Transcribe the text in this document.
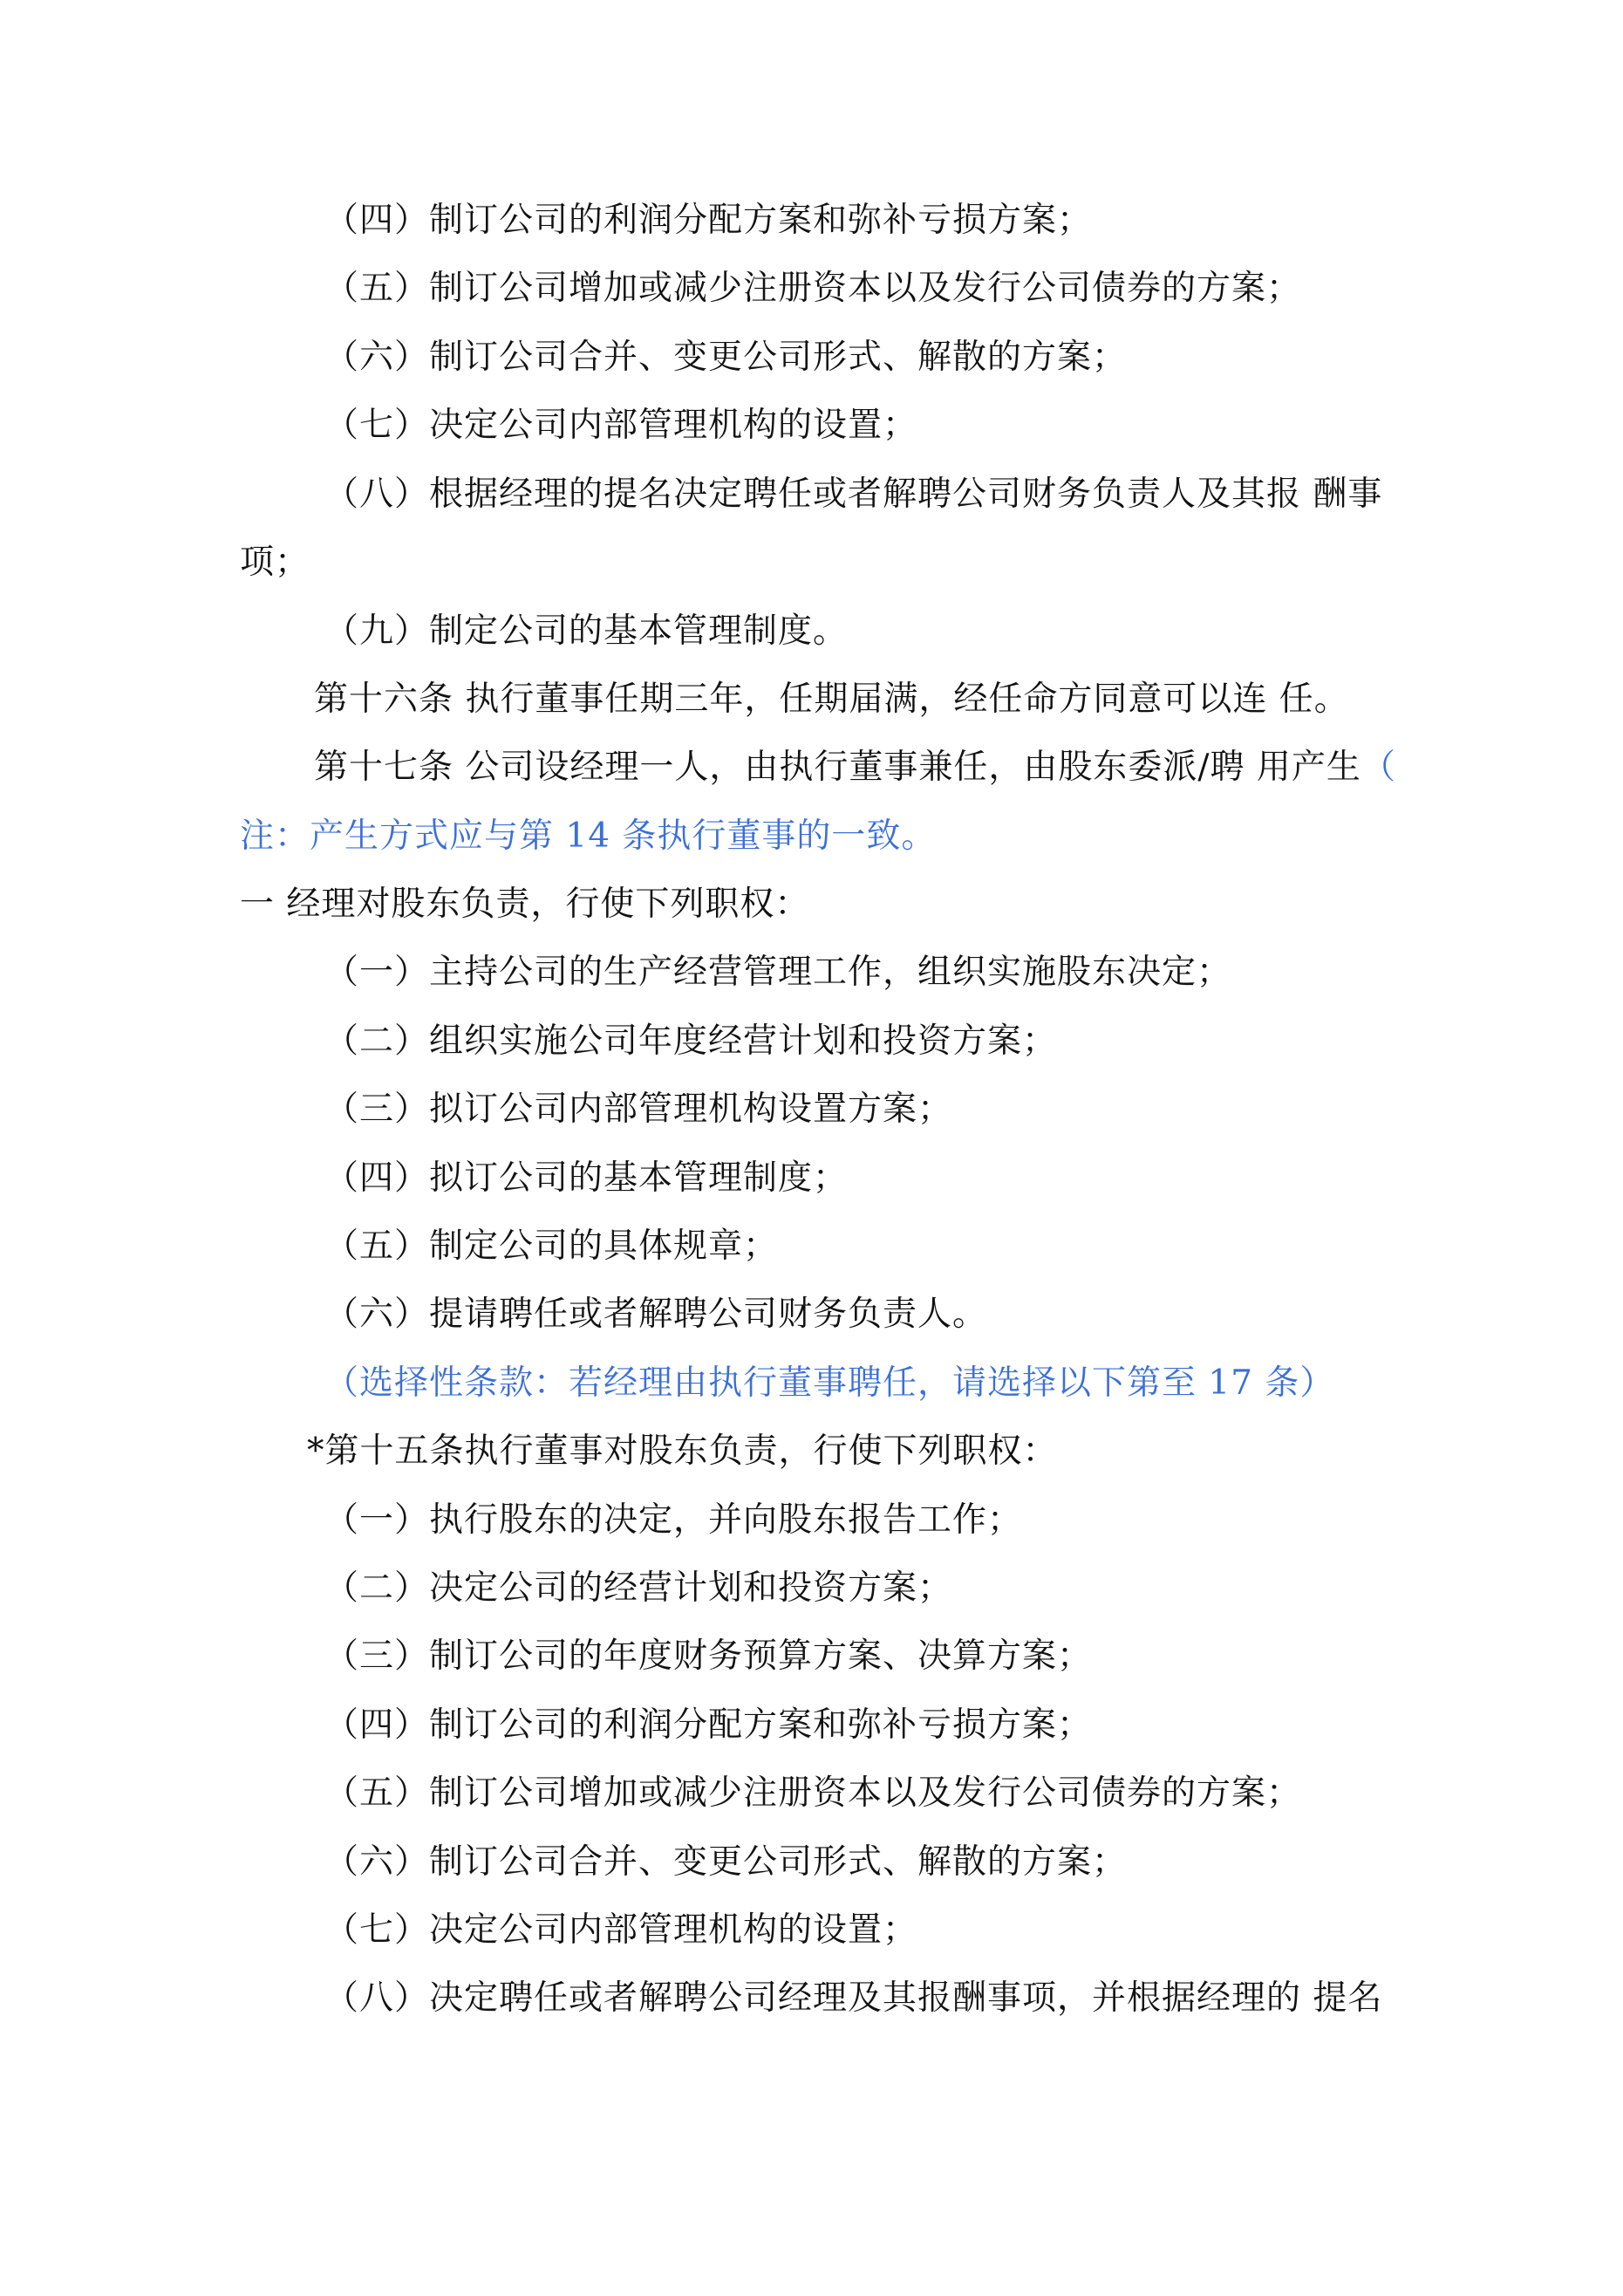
（四）制订公司的利润分配方案和弥补亏损方案；
（五）制订公司增加或减少注册资本以及发行公司债券的方案；
（六）制订公司合并、变更公司形式、解散的方案；
（七）决定公司内部管理机构的设置；
（八）根据经理的提名决定聘任或者解聘公司财务负责人及其报 酬事
项；
（九）制定公司的基本管理制度。
第十六条 执行董事任期三年，任期届满，经任命方同意可以连 任。
第十七条 公司设经理一人，由执行董事兼任，由股东委派/聘 用产生（
注：产生方式应与第 14 条执行董事的一致。
一 经理对股东负责，行使下列职权：
（一）主持公司的生产经营管理工作，组织实施股东决定；
（二）组织实施公司年度经营计划和投资方案；
（三）拟订公司内部管理机构设置方案；
（四）拟订公司的基本管理制度；
（五）制定公司的具体规章；
（六）提请聘任或者解聘公司财务负责人。
（选择性条款：若经理由执行董事聘任，请选择以下第至 17 条）
*第十五条执行董事对股东负责，行使下列职权：
（一）执行股东的决定，并向股东报告工作；
（二）决定公司的经营计划和投资方案；
（三）制订公司的年度财务预算方案、决算方案；
（四）制订公司的利润分配方案和弥补亏损方案；
（五）制订公司增加或减少注册资本以及发行公司债券的方案；
（六）制订公司合并、变更公司形式、解散的方案；
（七）决定公司内部管理机构的设置；
（八）决定聘任或者解聘公司经理及其报酬事项，并根据经理的 提名
